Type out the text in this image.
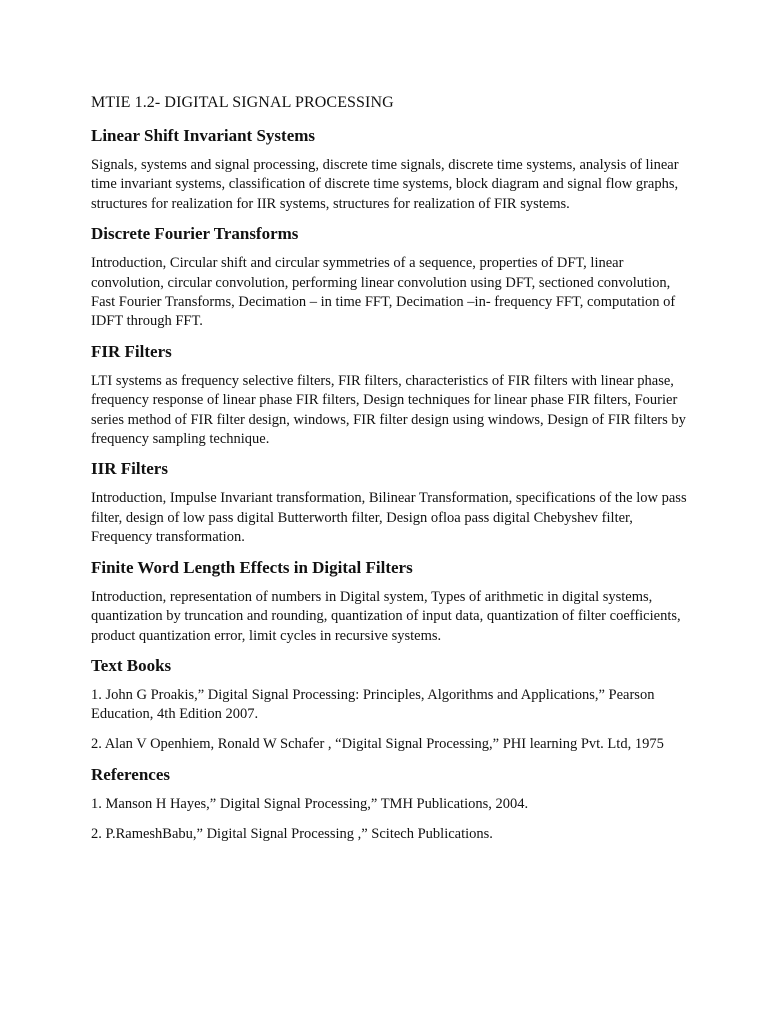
MTIE 1.2- DIGITAL SIGNAL PROCESSING
Linear Shift Invariant Systems
Signals, systems and signal processing, discrete time signals, discrete time systems, analysis of linear time invariant systems, classification of discrete time systems, block diagram and signal flow graphs, structures for realization for IIR systems, structures for realization of FIR systems.
Discrete Fourier Transforms
Introduction, Circular shift and circular symmetries of a sequence, properties of DFT, linear convolution, circular convolution, performing linear convolution using DFT, sectioned convolution, Fast Fourier Transforms, Decimation – in time FFT, Decimation –in- frequency FFT, computation of IDFT through FFT.
FIR Filters
LTI systems as frequency selective filters, FIR filters, characteristics of FIR filters with linear phase, frequency response of linear phase FIR filters, Design techniques for linear phase FIR filters, Fourier series method of FIR filter design, windows, FIR filter design using windows, Design of FIR filters by frequency sampling technique.
IIR Filters
Introduction, Impulse Invariant transformation, Bilinear Transformation, specifications of the low pass filter, design of low pass digital Butterworth filter, Design ofloa pass digital Chebyshev filter, Frequency transformation.
Finite Word Length Effects in Digital Filters
Introduction, representation of numbers in Digital system, Types of arithmetic in digital systems, quantization by truncation and rounding, quantization of input data, quantization of filter coefficients, product quantization error, limit cycles in recursive systems.
Text Books
1. John G Proakis,” Digital Signal Processing: Principles, Algorithms and Applications,” Pearson Education, 4th Edition 2007.
2. Alan V Openhiem, Ronald W Schafer , “Digital Signal Processing,” PHI learning Pvt. Ltd, 1975
References
1. Manson H Hayes,” Digital Signal Processing,” TMH Publications, 2004.
2. P.RameshBabu,” Digital Signal Processing ,” Scitech Publications.
